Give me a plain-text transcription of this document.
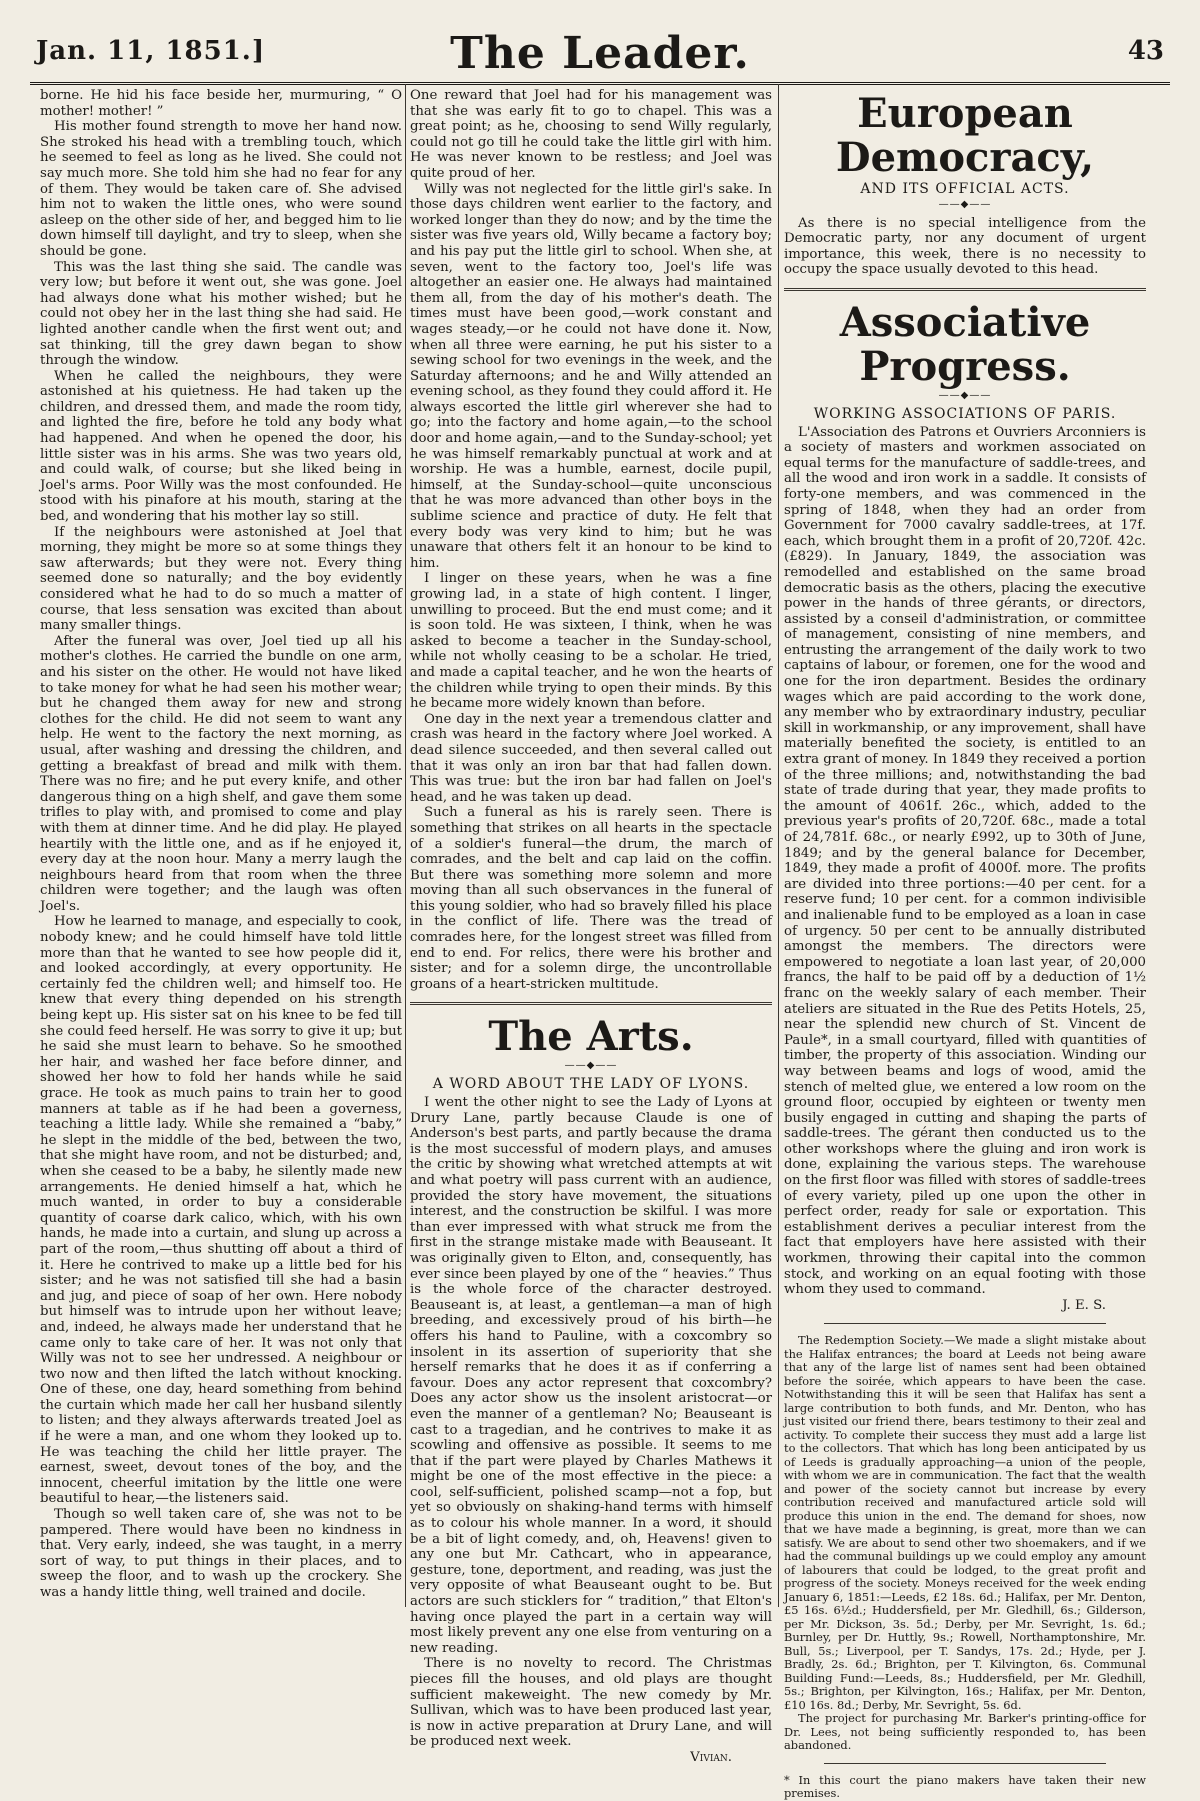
Jan. 11, 1851.]	The Leader.	43

borne. He hid his face beside her, murmuring, “ O mother! mother! ”

His mother found strength to move her hand now. She stroked his head with a trembling touch, which he seemed to feel as long as he lived. She could not say much more. She told him she had no fear for any of them. They would be taken care of. She advised him not to waken the little ones, who were sound asleep on the other side of her, and begged him to lie down himself till daylight, and try to sleep, when she should be gone.

This was the last thing she said. The candle was very low; but before it went out, she was gone. Joel had always done what his mother wished; but he could not obey her in the last thing she had said. He lighted another candle when the first went out; and sat thinking, till the grey dawn began to show through the window.

When he called the neighbours, they were astonished at his quietness. He had taken up the children, and dressed them, and made the room tidy, and lighted the fire, before he told any body what had happened. And when he opened the door, his little sister was in his arms. She was two years old, and could walk, of course; but she liked being in Joel's arms. Poor Willy was the most confounded. He stood with his pinafore at his mouth, staring at the bed, and wondering that his mother lay so still.

If the neighbours were astonished at Joel that morning, they might be more so at some things they saw afterwards; but they were not. Every thing seemed done so naturally; and the boy evidently considered what he had to do so much a matter of course, that less sensation was excited than about many smaller things.

After the funeral was over, Joel tied up all his mother's clothes. He carried the bundle on one arm, and his sister on the other. He would not have liked to take money for what he had seen his mother wear; but he changed them away for new and strong clothes for the child. He did not seem to want any help. He went to the factory the next morning, as usual, after washing and dressing the children, and getting a breakfast of bread and milk with them. There was no fire; and he put every knife, and other dangerous thing on a high shelf, and gave them some trifles to play with, and promised to come and play with them at dinner time. And he did play. He played heartily with the little one, and as if he enjoyed it, every day at the noon hour. Many a merry laugh the neighbours heard from that room when the three children were together; and the laugh was often Joel's.

How he learned to manage, and especially to cook, nobody knew; and he could himself have told little more than that he wanted to see how people did it, and looked accordingly, at every opportunity. He certainly fed the children well; and himself too. He knew that every thing depended on his strength being kept up. His sister sat on his knee to be fed till she could feed herself. He was sorry to give it up; but he said she must learn to behave. So he smoothed her hair, and washed her face before dinner, and showed her how to fold her hands while he said grace. He took as much pains to train her to good manners at table as if he had been a governess, teaching a little lady. While she remained a “baby,” he slept in the middle of the bed, between the two, that she might have room, and not be disturbed; and, when she ceased to be a baby, he silently made new arrangements. He denied himself a hat, which he much wanted, in order to buy a considerable quantity of coarse dark calico, which, with his own hands, he made into a curtain, and slung up across a part of the room,—thus shutting off about a third of it. Here he contrived to make up a little bed for his sister; and he was not satisfied till she had a basin and jug, and piece of soap of her own. Here nobody but himself was to intrude upon her without leave; and, indeed, he always made her understand that he came only to take care of her. It was not only that Willy was not to see her undressed. A neighbour or two now and then lifted the latch without knocking. One of these, one day, heard something from behind the curtain which made her call her husband silently to listen; and they always afterwards treated Joel as if he were a man, and one whom they looked up to. He was teaching the child her little prayer. The earnest, sweet, devout tones of the boy, and the innocent, cheerful imitation by the little one were beautiful to hear,—the listeners said.

Though so well taken care of, she was not to be pampered. There would have been no kindness in that. Very early, indeed, she was taught, in a merry sort of way, to put things in their places, and to sweep the floor, and to wash up the crockery. She was a handy little thing, well trained and docile.

One reward that Joel had for his management was that she was early fit to go to chapel. This was a great point; as he, choosing to send Willy regularly, could not go till he could take the little girl with him. He was never known to be restless; and Joel was quite proud of her.

Willy was not neglected for the little girl's sake. In those days children went earlier to the factory, and worked longer than they do now; and by the time the sister was five years old, Willy became a factory boy; and his pay put the little girl to school. When she, at seven, went to the factory too, Joel's life was altogether an easier one. He always had maintained them all, from the day of his mother's death. The times must have been good,—work constant and wages steady,—or he could not have done it. Now, when all three were earning, he put his sister to a sewing school for two evenings in the week, and the Saturday afternoons; and he and Willy attended an evening school, as they found they could afford it. He always escorted the little girl wherever she had to go; into the factory and home again,—to the school door and home again,—and to the Sunday-school; yet he was himself remarkably punctual at work and at worship. He was a humble, earnest, docile pupil, himself, at the Sunday-school—quite unconscious that he was more advanced than other boys in the sublime science and practice of duty. He felt that every body was very kind to him; but he was unaware that others felt it an honour to be kind to him.

I linger on these years, when he was a fine growing lad, in a state of high content. I linger, unwilling to proceed. But the end must come; and it is soon told. He was sixteen, I think, when he was asked to become a teacher in the Sunday-school, while not wholly ceasing to be a scholar. He tried, and made a capital teacher, and he won the hearts of the children while trying to open their minds. By this he became more widely known than before.

One day in the next year a tremendous clatter and crash was heard in the factory where Joel worked. A dead silence succeeded, and then several called out that it was only an iron bar that had fallen down. This was true: but the iron bar had fallen on Joel's head, and he was taken up dead.

Such a funeral as his is rarely seen. There is something that strikes on all hearts in the spectacle of a soldier's funeral—the drum, the march of comrades, and the belt and cap laid on the coffin. But there was something more solemn and more moving than all such observances in the funeral of this young soldier, who had so bravely filled his place in the conflict of life. There was the tread of comrades here, for the longest street was filled from end to end. For relics, there were his brother and sister; and for a solemn dirge, the uncontrollable groans of a heart-stricken multitude.

The Arts.
——◆——
A WORD ABOUT THE LADY OF LYONS.

I went the other night to see the Lady of Lyons at Drury Lane, partly because Claude is one of Anderson's best parts, and partly because the drama is the most successful of modern plays, and amuses the critic by showing what wretched attempts at wit and what poetry will pass current with an audience, provided the story have movement, the situations interest, and the construction be skilful. I was more than ever impressed with what struck me from the first in the strange mistake made with Beauseant. It was originally given to Elton, and, consequently, has ever since been played by one of the “ heavies.” Thus is the whole force of the character destroyed. Beauseant is, at least, a gentleman—a man of high breeding, and excessively proud of his birth—he offers his hand to Pauline, with a coxcombry so insolent in its assertion of superiority that she herself remarks that he does it as if conferring a favour. Does any actor represent that coxcombry? Does any actor show us the insolent aristocrat—or even the manner of a gentleman? No; Beauseant is cast to a tragedian, and he contrives to make it as scowling and offensive as possible. It seems to me that if the part were played by Charles Mathews it might be one of the most effective in the piece: a cool, self-sufficient, polished scamp—not a fop, but yet so obviously on shaking-hand terms with himself as to colour his whole manner. In a word, it should be a bit of light comedy, and, oh, Heavens! given to any one but Mr. Cathcart, who in appearance, gesture, tone, deportment, and reading, was just the very opposite of what Beauseant ought to be. But actors are such sticklers for “ tradition,” that Elton's having once played the part in a certain way will most likely prevent any one else from venturing on a new reading.

There is no novelty to record. The Christmas pieces fill the houses, and old plays are thought sufficient makeweight. The new comedy by Mr. Sullivan, which was to have been produced last year, is now in active preparation at Drury Lane, and will be produced next week.

Vivian.

European Democracy,
AND ITS OFFICIAL ACTS.
——◆——

As there is no special intelligence from the Democratic party, nor any document of urgent importance, this week, there is no necessity to occupy the space usually devoted to this head.

Associative Progress.
——◆——
WORKING ASSOCIATIONS OF PARIS.

L'Association des Patrons et Ouvriers Arconniers is a society of masters and workmen associated on equal terms for the manufacture of saddle-trees, and all the wood and iron work in a saddle. It consists of forty-one members, and was commenced in the spring of 1848, when they had an order from Government for 7000 cavalry saddle-trees, at 17f. each, which brought them in a profit of 20,720f. 42c. (£829). In January, 1849, the association was remodelled and established on the same broad democratic basis as the others, placing the executive power in the hands of three gérants, or directors, assisted by a conseil d'administration, or committee of management, consisting of nine members, and entrusting the arrangement of the daily work to two captains of labour, or foremen, one for the wood and one for the iron department. Besides the ordinary wages which are paid according to the work done, any member who by extraordinary industry, peculiar skill in workmanship, or any improvement, shall have materially benefited the society, is entitled to an extra grant of money. In 1849 they received a portion of the three millions; and, notwithstanding the bad state of trade during that year, they made profits to the amount of 4061f. 26c., which, added to the previous year's profits of 20,720f. 68c., made a total of 24,781f. 68c., or nearly £992, up to 30th of June, 1849; and by the general balance for December, 1849, they made a profit of 4000f. more. The profits are divided into three portions:—40 per cent. for a reserve fund; 10 per cent. for a common indivisible and inalienable fund to be employed as a loan in case of urgency. 50 per cent to be annually distributed amongst the members. The directors were empowered to negotiate a loan last year, of 20,000 francs, the half to be paid off by a deduction of 1½ franc on the weekly salary of each member. Their ateliers are situated in the Rue des Petits Hotels, 25, near the splendid new church of St. Vincent de Paule*, in a small courtyard, filled with quantities of timber, the property of this association. Winding our way between beams and logs of wood, amid the stench of melted glue, we entered a low room on the ground floor, occupied by eighteen or twenty men busily engaged in cutting and shaping the parts of saddle-trees. The gérant then conducted us to the other workshops where the gluing and iron work is done, explaining the various steps. The warehouse on the first floor was filled with stores of saddle-trees of every variety, piled up one upon the other in perfect order, ready for sale or exportation. This establishment derives a peculiar interest from the fact that employers have here assisted with their workmen, throwing their capital into the common stock, and working on an equal footing with those whom they used to command.

J. E. S.

The Redemption Society.—We made a slight mistake about the Halifax entrances; the board at Leeds not being aware that any of the large list of names sent had been obtained before the soirée, which appears to have been the case. Notwithstanding this it will be seen that Halifax has sent a large contribution to both funds, and Mr. Denton, who has just visited our friend there, bears testimony to their zeal and activity. To complete their success they must add a large list to the collectors. That which has long been anticipated by us of Leeds is gradually approaching—a union of the people, with whom we are in communication. The fact that the wealth and power of the society cannot but increase by every contribution received and manufactured article sold will produce this union in the end. The demand for shoes, now that we have made a beginning, is great, more than we can satisfy. We are about to send other two shoemakers, and if we had the communal buildings up we could employ any amount of labourers that could be lodged, to the great profit and progress of the society. Moneys received for the week ending January 6, 1851:—Leeds, £2 18s. 6d.; Halifax, per Mr. Denton, £5 16s. 6½d.; Huddersfield, per Mr. Gledhill, 6s.; Gilderson, per Mr. Dickson, 3s. 5d.; Derby, per Mr. Sevright, 1s. 6d.; Burnley, per Dr. Huttly, 9s.; Rowell, Northamptonshire, Mr. Bull, 5s.; Liverpool, per T. Sandys, 17s. 2d.; Hyde, per J. Bradly, 2s. 6d.; Brighton, per T. Kilvington, 6s. Communal Building Fund:—Leeds, 8s.; Huddersfield, per Mr. Gledhill, 5s.; Brighton, per Kilvington, 16s.; Halifax, per Mr. Denton, £10 16s. 8d.; Derby, Mr. Sevright, 5s. 6d.

The project for purchasing Mr. Barker's printing-office for Dr. Lees, not being sufficiently responded to, has been abandoned.

* In this court the piano makers have taken their new premises.
